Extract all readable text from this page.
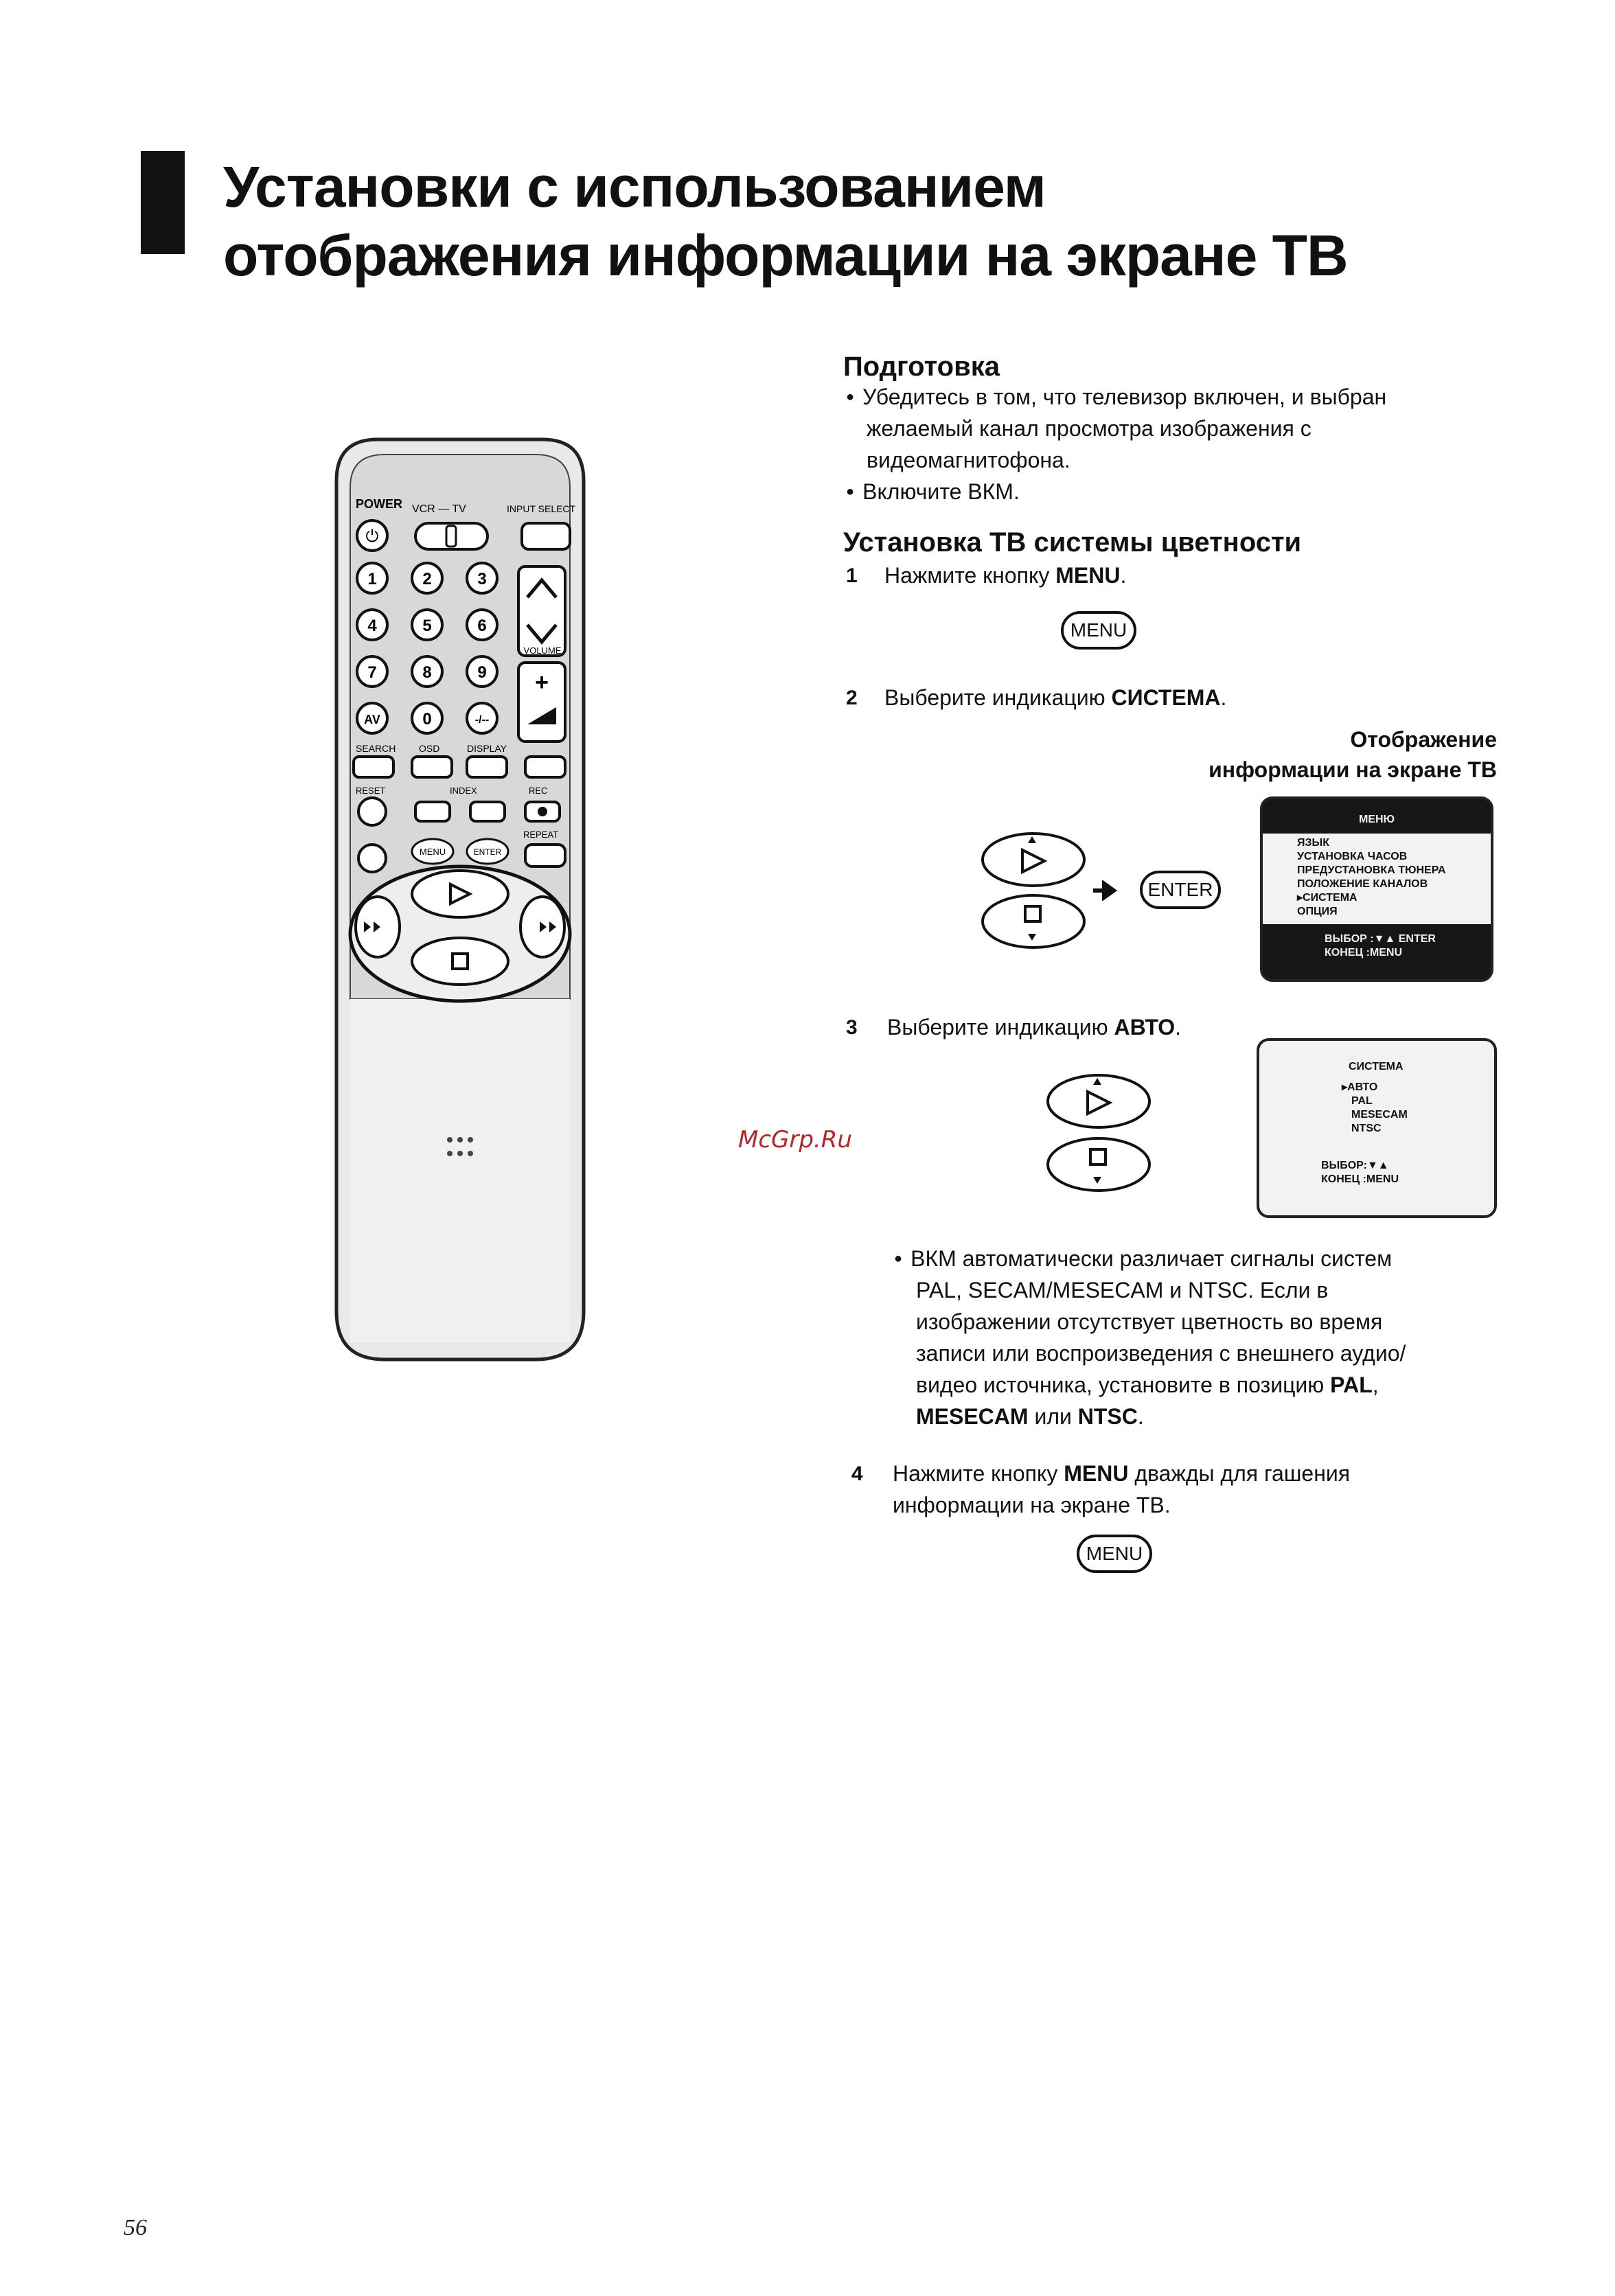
Установки с использованием
отображения информации на экране ТВ
POWER VCR — TV	INPUT SELECT
⏻
1	2	3
4	5	6
7	8	9
AV	0	-/--
VOLUME
+
SEARCH OSD	DISPLAY
RESET	INDEX	REC
MENU	ENTER
REPEAT
Подготовка
● Убедитесь в том, что телевизор включен, и выбран
желаемый канал просмотра изображения с
видеомагнитофона.
● Включите ВКМ.
Установка ТВ системы цветности
1 Нажмите кнопку MENU.
MENU
2 Выберите индикацию СИСТЕМА.
Отображение
информации на экране ТВ
ENTER
МЕНЮ
ЯЗЫК
УСТАНОВКА ЧАСОВ
ПРЕДУСТАНОВКА ТЮНЕРА
ПОЛОЖЕНИЕ КАНАЛОВ
▸СИСТЕМА
ОПЦИЯ
ВЫБОР :▼▲ ENTER
КОНЕЦ :MENU
3 Выберите индикацию АВТО.
СИСТЕМА
▸АВТО
PAL
MESECAM
NTSC
ВЫБОР:▼▲
КОНЕЦ :MENU
McGrp.Ru
● ВКМ автоматически различает сигналы систем
PAL, SECAM/MESECAM и NTSC. Если в
изображении отсутствует цветность во время
записи или воспроизведения с внешнего аудио/
видео источника, установите в позицию PAL,
MESECAM или NTSC.
4 Нажмите кнопку MENU дважды для гашения
информации на экране ТВ.
MENU
56
